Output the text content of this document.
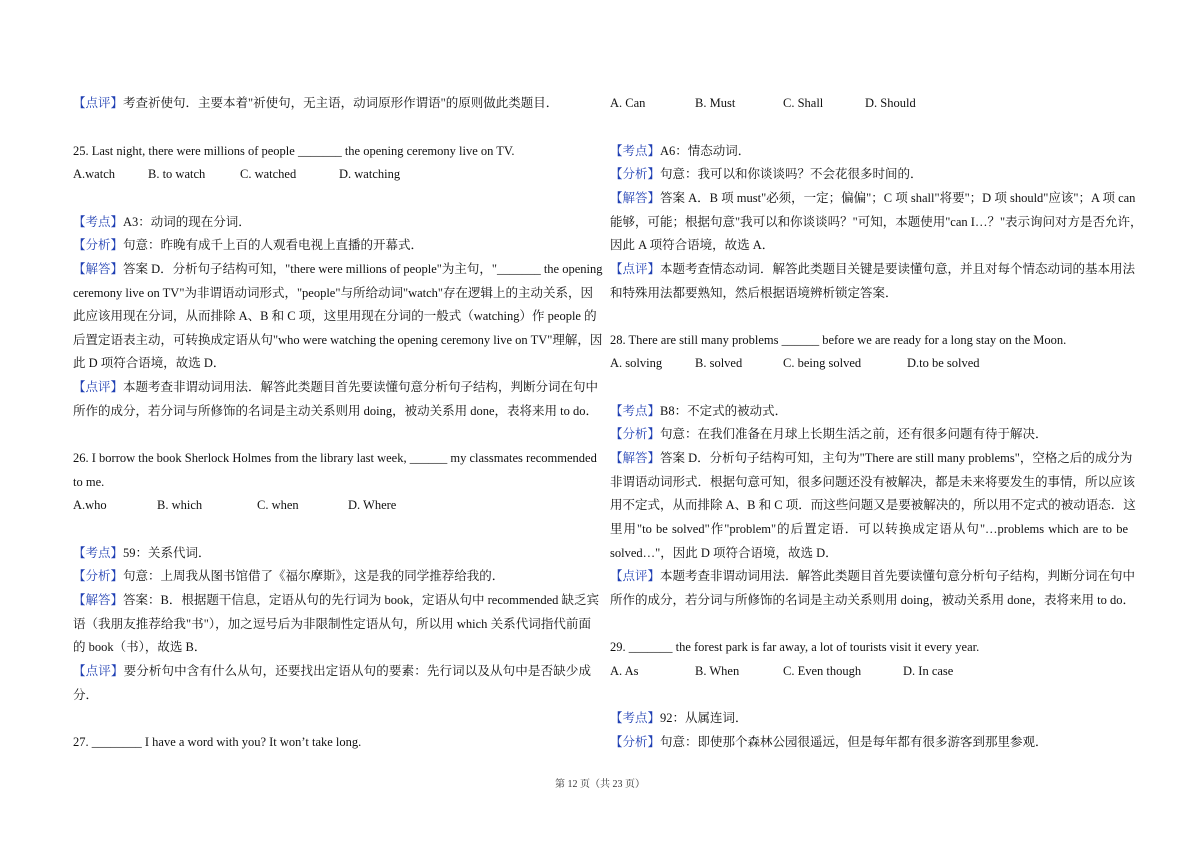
【点评】考查祈使句．主要本着"祈使句，无主语，动词原形作谓语"的原则做此类题目．
25. Last night, there were millions of people _______ the opening ceremony live on TV.
A.watch	B. to watch	C. watched	D. watching
【考点】A3：动词的现在分词．
【分析】句意：昨晚有成千上百的人观看电视上直播的开幕式．
【解答】答案 D．分析句子结构可知，"there were millions of people"为主句，"_______ the opening
ceremony live on TV"为非谓语动词形式，"people"与所给动词"watch"存在逻辑上的主动关系，因
此应该用现在分词，从而排除 A、B 和 C 项，这里用现在分词的一般式（watching）作 people 的
后置定语表主动，可转换成定语从句"who were watching the opening ceremony live on TV"理解，因
此 D 项符合语境，故选 D．
【点评】本题考查非谓动词用法．解答此类题目首先要读懂句意分析句子结构，判断分词在句中
所作的成分，若分词与所修饰的名词是主动关系则用 doing，被动关系用 done，表将来用 to do．
26. I borrow the book Sherlock Holmes from the library last week, ______ my classmates recommended
to me.
A.who	B. which	C. when	D. Where
【考点】59：关系代词．
【分析】句意：上周我从图书馆借了《福尔摩斯》，这是我的同学推荐给我的．
【解答】答案：B．根据题干信息，定语从句的先行词为 book，定语从句中 recommended 缺乏宾
语（我朋友推荐给我"书"），加之逗号后为非限制性定语从句，所以用 which 关系代词指代前面
的 book（书），故选 B．
【点评】要分析句中含有什么从句，还要找出定语从句的要素：先行词以及从句中是否缺少成
分．
27. ________ I have a word with you? It won’t take long.
A. Can	B. Must	C. Shall	D. Should
【考点】A6：情态动词．
【分析】句意：我可以和你谈谈吗？不会花很多时间的．
【解答】答案 A．B 项 must"必须，一定；偏偏"；C 项 shall"将要"；D 项 should"应该"；A 项 can
能够，可能；根据句意"我可以和你谈谈吗？"可知，本题使用"can I…？"表示询问对方是否允许，
因此 A 项符合语境，故选 A．
【点评】本题考查情态动词．解答此类题目关键是要读懂句意，并且对每个情态动词的基本用法
和特殊用法都要熟知，然后根据语境辨析锁定答案．
28. There are still many problems ______ before we are ready for a long stay on the Moon.
A. solving	B. solved	C. being solved	D.to be solved
【考点】B8：不定式的被动式．
【分析】句意：在我们准备在月球上长期生活之前，还有很多问题有待于解决．
【解答】答案 D．分析句子结构可知，主句为"There are still many problems"，空格之后的成分为
非谓语动词形式．根据句意可知，很多问题还没有被解决，都是未来将要发生的事情，所以应该
用不定式，从而排除 A、B 和 C 项．而这些问题又是要被解决的，所以用不定式的被动语态．这
里用"to be solved"作"problem"的后置定语．可以转换成定语从句"…problems which are to be
solved…"，因此 D 项符合语境，故选 D．
【点评】本题考查非谓动词用法．解答此类题目首先要读懂句意分析句子结构，判断分词在句中
所作的成分，若分词与所修饰的名词是主动关系则用 doing，被动关系用 done，表将来用 to do．
29. _______ the forest park is far away, a lot of tourists visit it every year.
A. As	B. When	C. Even though	D. In case
【考点】92：从属连词．
【分析】句意：即使那个森林公园很遥远，但是每年都有很多游客到那里参观．
第 12 页（共 23 页）
